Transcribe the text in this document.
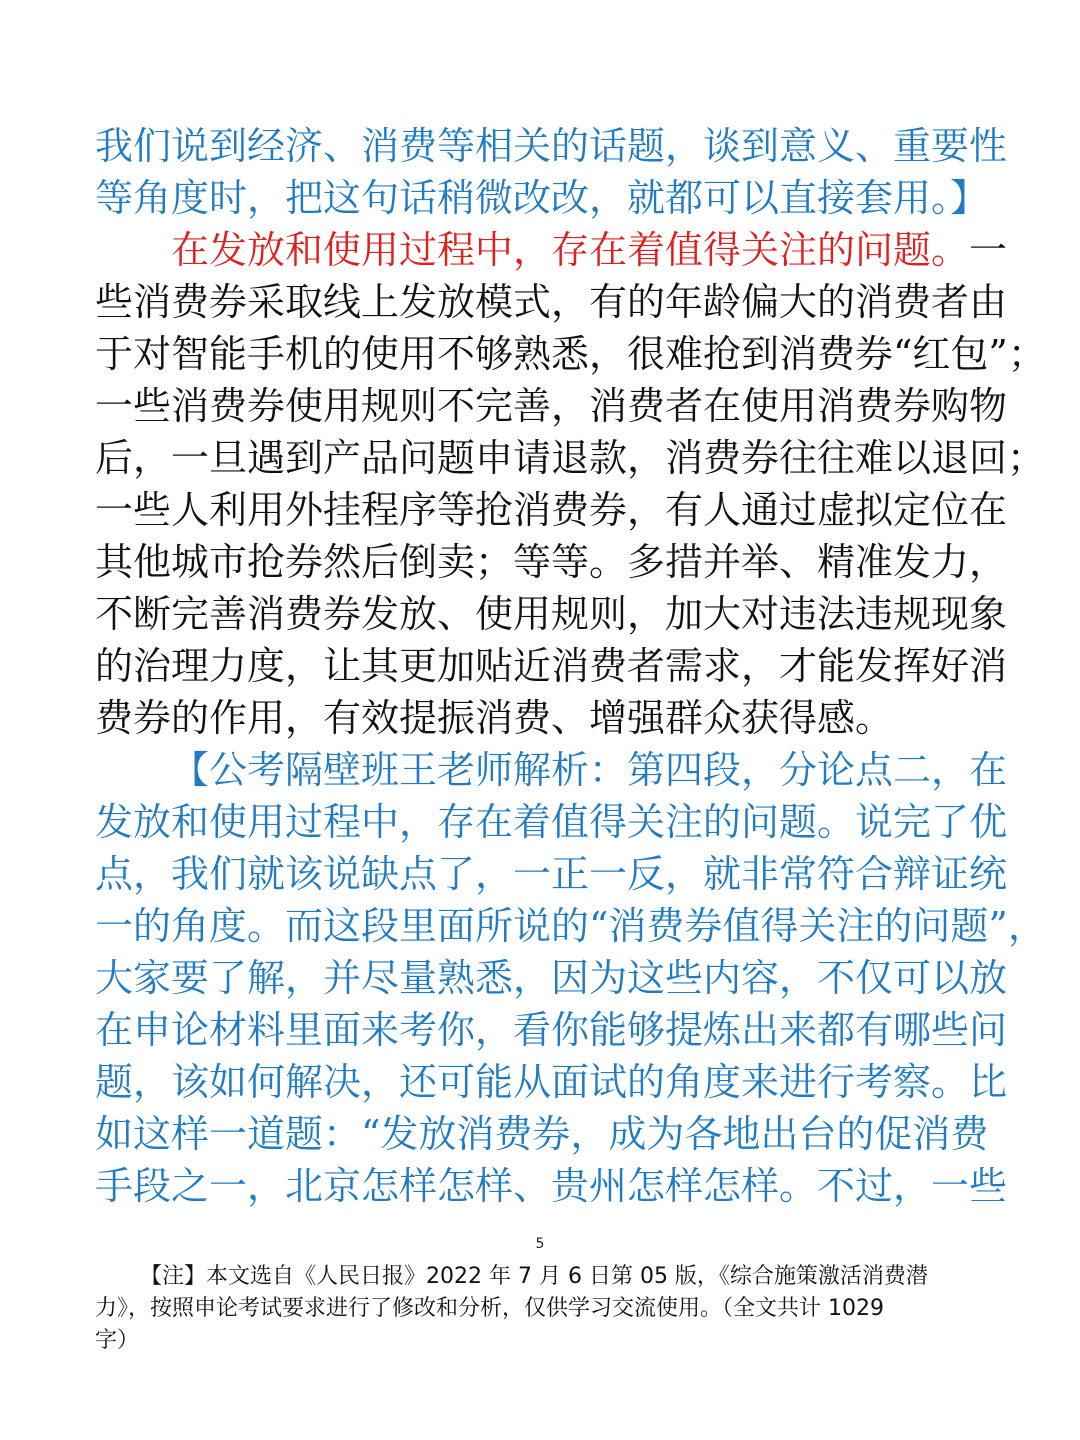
我们说到经济、消费等相关的话题，谈到意义、重要性
等角度时，把这句话稍微改改，就都可以直接套用。】
在发放和使用过程中，存在着值得关注的问题。一
些消费券采取线上发放模式，有的年龄偏大的消费者由
于对智能手机的使用不够熟悉，很难抢到消费券“红包”；
一些消费券使用规则不完善，消费者在使用消费券购物
后，一旦遇到产品问题申请退款，消费券往往难以退回；
一些人利用外挂程序等抢消费券，有人通过虚拟定位在
其他城市抢券然后倒卖；等等。多措并举、精准发力，
不断完善消费券发放、使用规则，加大对违法违规现象
的治理力度，让其更加贴近消费者需求，才能发挥好消
费券的作用，有效提振消费、增强群众获得感。
【公考隔壁班王老师解析：第四段，分论点二，在
发放和使用过程中，存在着值得关注的问题。说完了优
点，我们就该说缺点了，一正一反，就非常符合辩证统
一的角度。而这段里面所说的“消费券值得关注的问题”，
大家要了解，并尽量熟悉，因为这些内容，不仅可以放
在申论材料里面来考你，看你能够提炼出来都有哪些问
题，该如何解决，还可能从面试的角度来进行考察。比
如这样一道题：“发放消费券，成为各地出台的促消费
手段之一，北京怎样怎样、贵州怎样怎样。不过，一些
5
【注】本文选自《人民日报》2022 年 7 月 6 日第 05 版，《综合施策激活消费潜
力》，按照申论考试要求进行了修改和分析，仅供学习交流使用。（全文共计 1029
字）
